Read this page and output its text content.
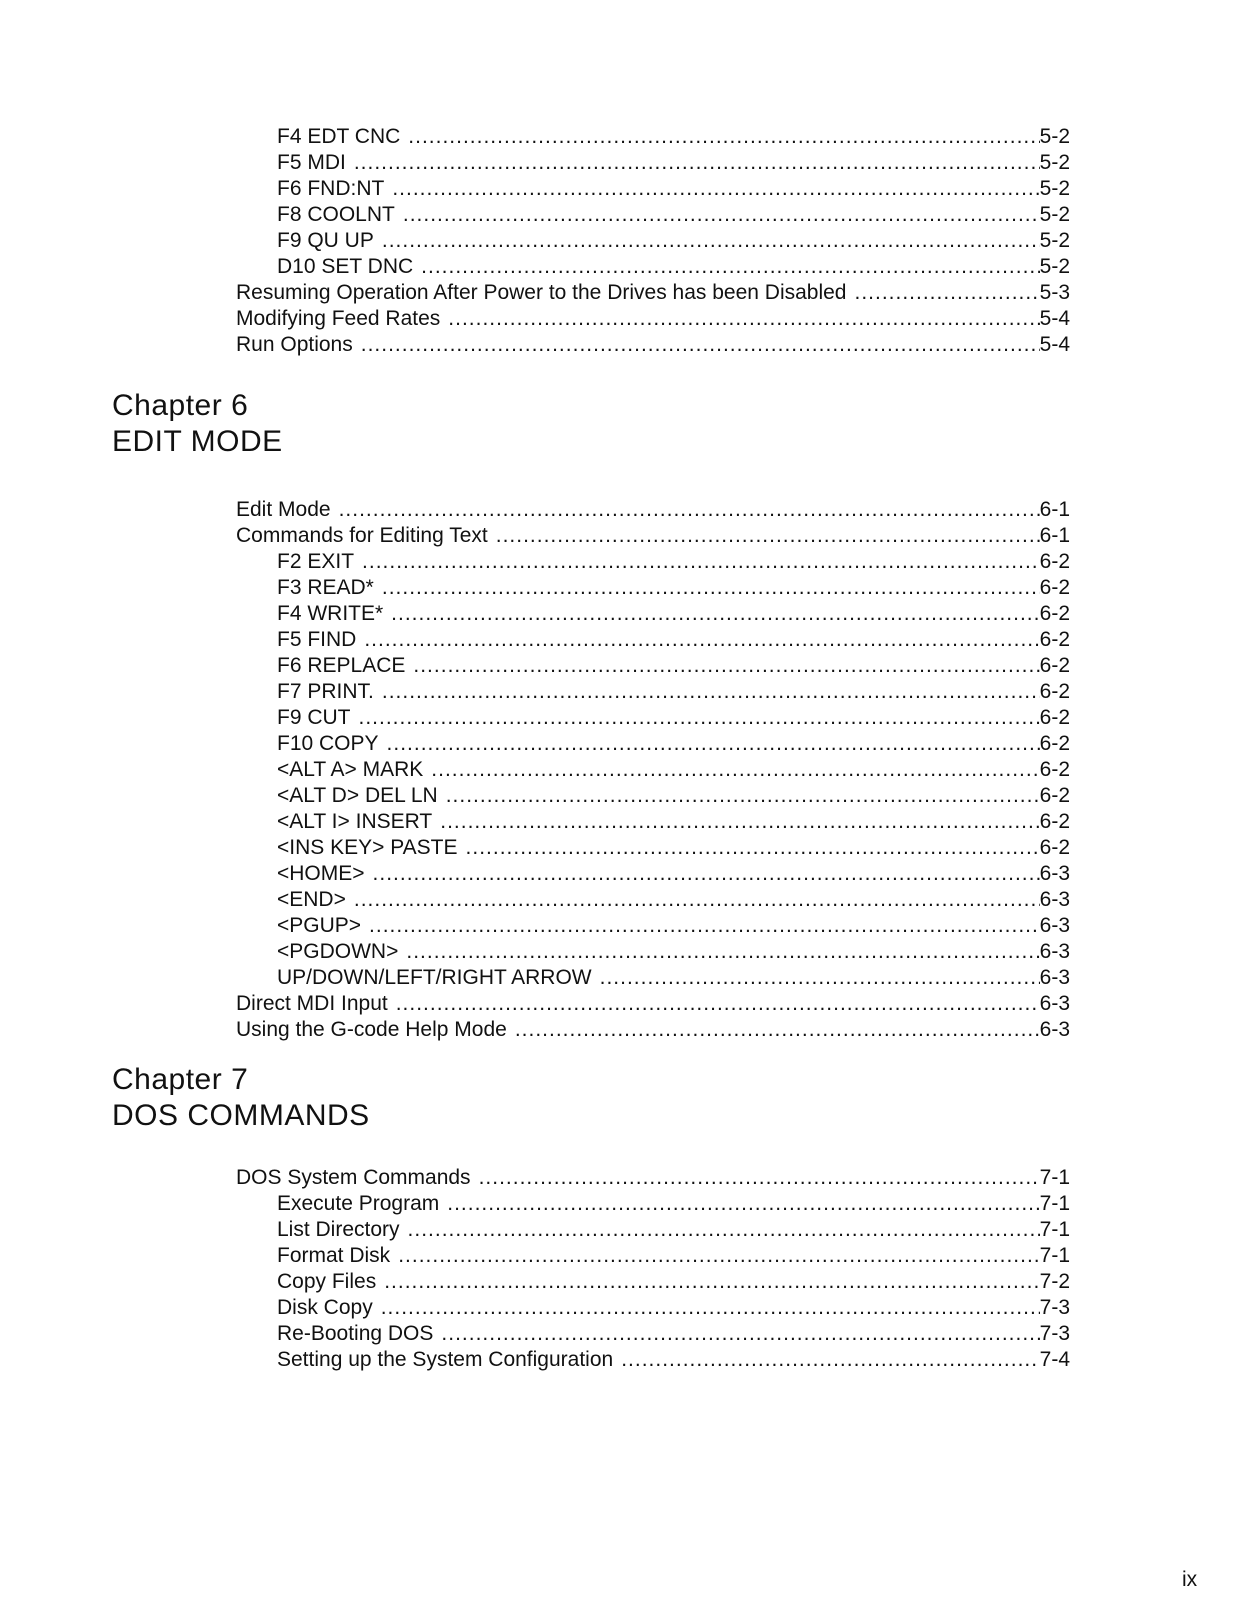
F4 EDT CNC .....	5-2
F5 MDI .....	5-2
F6 FND:NT .....	5-2
F8 COOLNT .....	5-2
F9 QU UP .....	5-2
D10 SET DNC .....	5-2
Resuming Operation After Power to the Drives has been Disabled .....	5-3
Modifying Feed Rates .....	5-4
Run Options .....	5-4
Chapter 6
EDIT MODE
Edit Mode .....	6-1
Commands for Editing Text .....	6-1
F2 EXIT .....	6-2
F3 READ* .....	6-2
F4 WRITE* .....	6-2
F5 FIND .....	6-2
F6 REPLACE .....	6-2
F7 PRINT. .....	6-2
F9 CUT .....	6-2
F10 COPY .....	6-2
<ALT A> MARK .....	6-2
<ALT D> DEL LN .....	6-2
<ALT I> INSERT .....	6-2
<INS KEY> PASTE .....	6-2
<HOME> .....	6-3
<END> .....	6-3
<PGUP> .....	6-3
<PGDOWN> .....	6-3
UP/DOWN/LEFT/RIGHT ARROW .....	6-3
Direct MDI Input .....	6-3
Using the G-code Help Mode .....	6-3
Chapter 7
DOS COMMANDS
DOS System Commands .....	7-1
Execute Program .....	7-1
List Directory .....	7-1
Format Disk .....	7-1
Copy Files .....	7-2
Disk Copy .....	7-3
Re-Booting DOS .....	7-3
Setting up the System Configuration .....	7-4
ix
